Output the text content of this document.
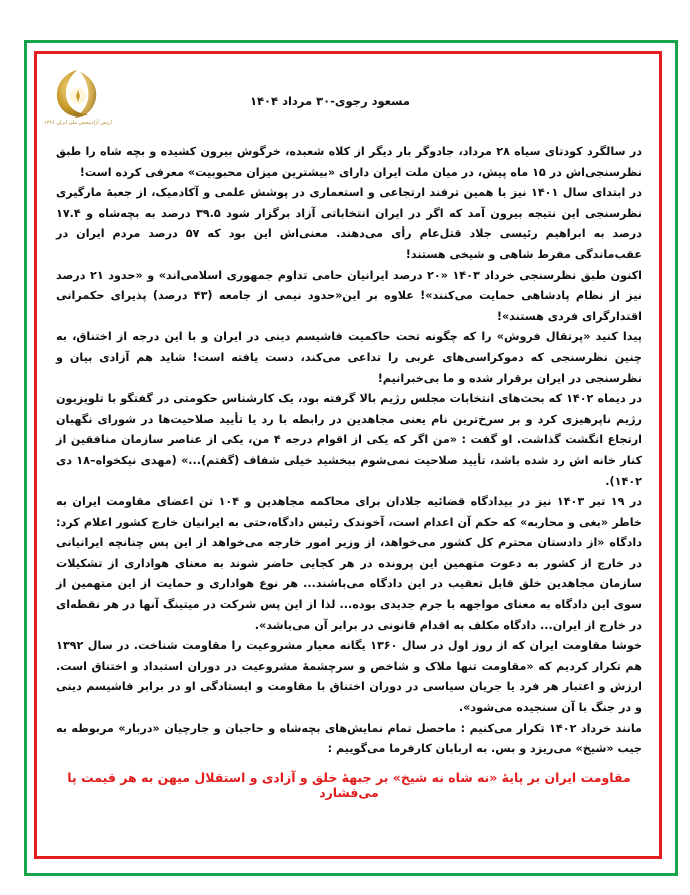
ارتش آزادیبخش ملی ایران ۱۳۶۶
مسعود رجوی-۳۰ مرداد ۱۴۰۴

در سالگرد کودتای سیاه ۲۸ مرداد، جادوگر بار دیگر از کلاه شعبده، خرگوش بیرون کشیده و بچه شاه را طبق نظرسنجی‌اش در ۱۵ ماه پیش، در میان ملت ایران دارای «بیشترین میزان محبوبیت» معرفی کرده است!

در ابتدای سال ۱۴۰۱ نیز با همین ترفند ارتجاعی و استعماری در پوشش علمی و آکادمیک، از جعبهٔ مارگیری نظرسنجی این نتیجه بیرون آمد که اگر در ایران انتخاباتی آزاد برگزار شود ۳۹.۵ درصد به بچه‌شاه و ۱۷.۴ درصد به ابراهیم رئیسی جلاد قتل‌عام رأی می‌دهند. معنی‌اش این بود که ۵۷ درصد مردم ایران در عقب‌ماندگی مفرط شاهی و شیخی هستند!

اکنون طبق نظرسنجی خرداد ۱۴۰۳ «۲۰ درصد ایرانیان حامی تداوم جمهوری اسلامی‌اند» و «حدود ۲۱ درصد نیز از نظام پادشاهی حمایت می‌کنند»! علاوه بر این«حدود نیمی از جامعه (۴۳ درصد) پذیرای حکمرانی اقتدارگرای فردی هستند»!

پیدا کنید «پرتقال فروش» را که چگونه تحت حاکمیت فاشیسم دینی در ایران و با این درجه از اختناق، به چنین نظرسنجی که دموکراسی‌های غربی را تداعی می‌کند، دست یافته است! شاید هم آزادی بیان و نظرسنجی در ایران برقرار شده و ما بی‌خبرانیم!

در دیماه ۱۴۰۲ که بحث‌های انتخابات مجلس رژیم بالا گرفته بود، یک کارشناس حکومتی در گفتگو با تلویزیون رژیم ناپرهیزی کرد و بر سرخ‌ترین نام یعنی مجاهدین در رابطه با رد یا تأیید صلاحیت‌ها در شورای نگهبان ارتجاع انگشت گذاشت. او گفت : «من اگر که یکی از اقوام درجه ۴ من، یکی از عناصر سازمان منافقین از کنار خانه اش رد شده باشد، تأیید صلاحیت نمی‌شوم ببخشید خیلی شفاف (گفتم)...» (مهدی نیکخواه–۱۸ دی ۱۴۰۲).

در ۱۹ تیر ۱۴۰۳ نیز در بیدادگاه قضائیه جلادان برای محاکمه مجاهدین و ۱۰۴ تن اعضای مقاومت ایران به خاطر «بغی و محاربه» که حکم آن اعدام است، آخوندک رئیس دادگاه،حتی به ایرانیان خارج کشور اعلام کرد: دادگاه «از دادستان محترم کل کشور می‌خواهد، از وزیر امور خارجه می‌خواهد از این پس چنانچه ایرانیانی در خارج از کشور به دعوت متهمین این پرونده در هر کجایی حاضر شوند به معنای هواداری از تشکیلات سازمان مجاهدین خلق قابل تعقیب در این دادگاه می‌باشند... هر نوع هواداری و حمایت از این متهمین از سوی این دادگاه به معنای مواجهه با جرم جدیدی بوده... لذا از این پس شرکت در میتینگ آنها در هر نقطه‌ای در خارج از ایران... دادگاه مکلف به اقدام قانونی در برابر آن می‌باشد».

خوشا مقاومت ایران که از روز اول در سال ۱۳۶۰ یگانه معیار مشروعیت را مقاومت شناخت. در سال ۱۳۹۲ هم تکرار کردیم که «مقاومت تنها ملاک و شاخص و سرچشمهٔ مشروعیت در دوران استبداد و اختناق است. ارزش و اعتبار هر فرد یا جریان سیاسی در دوران اختناق با مقاومت و ایستادگی او در برابر فاشیسم دینی و در جنگ با آن سنجیده می‌شود».

مانند خرداد ۱۴۰۲ تکرار می‌کنیم : ماحصل تمام نمایش‌های بچه‌شاه و حاجبان و جارچیان «دربار» مربوطه به جیب «شیخ» می‌ریزد و بس. به اربابان کارفرما می‌گوییم :

مقاومت ایران بر پایهٔ «نه شاه نه شیخ» بر جبههٔ خلق و آزادی و استقلال میهن به هر قیمت پا می‌فشارد
